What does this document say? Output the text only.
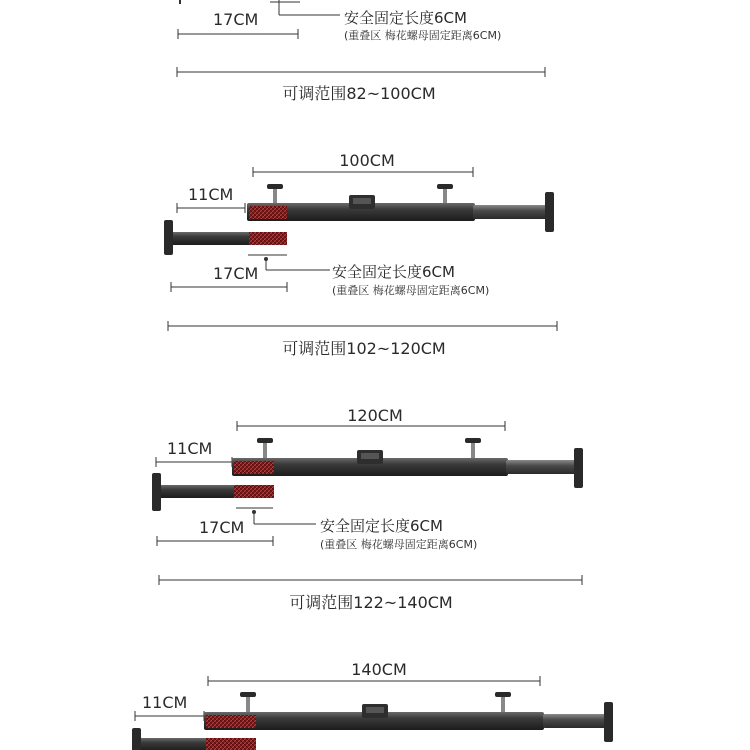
17CM	安全固定长度6CM
(重叠区 梅花螺母固定距离6CM)
可调范围82~100CM
100CM
11CM
17CM	安全固定长度6CM
(重叠区 梅花螺母固定距离6CM)
可调范围102~120CM
120CM
11CM
17CM	安全固定长度6CM
(重叠区 梅花螺母固定距离6CM)
可调范围122~140CM
140CM
11CM
